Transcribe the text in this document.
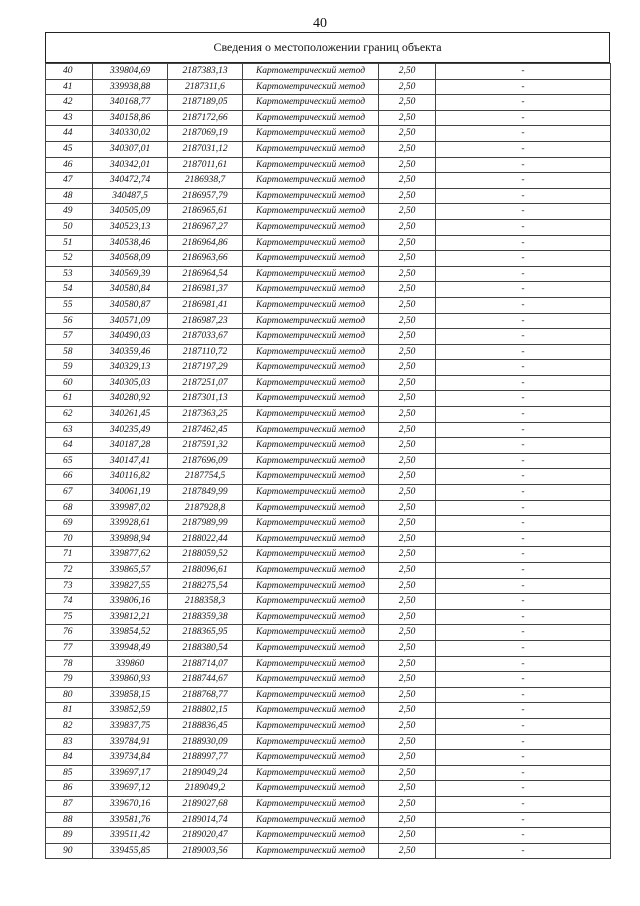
40
Сведения о местоположении границ объекта
40	339804,69	2187383,13	Картометрический метод	2,50	-
41	339938,88	2187311,6	Картометрический метод	2,50	-
42	340168,77	2187189,05	Картометрический метод	2,50	-
43	340158,86	2187172,66	Картометрический метод	2,50	-
44	340330,02	2187069,19	Картометрический метод	2,50	-
45	340307,01	2187031,12	Картометрический метод	2,50	-
46	340342,01	2187011,61	Картометрический метод	2,50	-
47	340472,74	2186938,7	Картометрический метод	2,50	-
48	340487,5	2186957,79	Картометрический метод	2,50	-
49	340505,09	2186965,61	Картометрический метод	2,50	-
50	340523,13	2186967,27	Картометрический метод	2,50	-
51	340538,46	2186964,86	Картометрический метод	2,50	-
52	340568,09	2186963,66	Картометрический метод	2,50	-
53	340569,39	2186964,54	Картометрический метод	2,50	-
54	340580,84	2186981,37	Картометрический метод	2,50	-
55	340580,87	2186981,41	Картометрический метод	2,50	-
56	340571,09	2186987,23	Картометрический метод	2,50	-
57	340490,03	2187033,67	Картометрический метод	2,50	-
58	340359,46	2187110,72	Картометрический метод	2,50	-
59	340329,13	2187197,29	Картометрический метод	2,50	-
60	340305,03	2187251,07	Картометрический метод	2,50	-
61	340280,92	2187301,13	Картометрический метод	2,50	-
62	340261,45	2187363,25	Картометрический метод	2,50	-
63	340235,49	2187462,45	Картометрический метод	2,50	-
64	340187,28	2187591,32	Картометрический метод	2,50	-
65	340147,41	2187696,09	Картометрический метод	2,50	-
66	340116,82	2187754,5	Картометрический метод	2,50	-
67	340061,19	2187849,99	Картометрический метод	2,50	-
68	339987,02	2187928,8	Картометрический метод	2,50	-
69	339928,61	2187989,99	Картометрический метод	2,50	-
70	339898,94	2188022,44	Картометрический метод	2,50	-
71	339877,62	2188059,52	Картометрический метод	2,50	-
72	339865,57	2188096,61	Картометрический метод	2,50	-
73	339827,55	2188275,54	Картометрический метод	2,50	-
74	339806,16	2188358,3	Картометрический метод	2,50	-
75	339812,21	2188359,38	Картометрический метод	2,50	-
76	339854,52	2188365,95	Картометрический метод	2,50	-
77	339948,49	2188380,54	Картометрический метод	2,50	-
78	339860	2188714,07	Картометрический метод	2,50	-
79	339860,93	2188744,67	Картометрический метод	2,50	-
80	339858,15	2188768,77	Картометрический метод	2,50	-
81	339852,59	2188802,15	Картометрический метод	2,50	-
82	339837,75	2188836,45	Картометрический метод	2,50	-
83	339784,91	2188930,09	Картометрический метод	2,50	-
84	339734,84	2188997,77	Картометрический метод	2,50	-
85	339697,17	2189049,24	Картометрический метод	2,50	-
86	339697,12	2189049,2	Картометрический метод	2,50	-
87	339670,16	2189027,68	Картометрический метод	2,50	-
88	339581,76	2189014,74	Картометрический метод	2,50	-
89	339511,42	2189020,47	Картометрический метод	2,50	-
90	339455,85	2189003,56	Картометрический метод	2,50	-
